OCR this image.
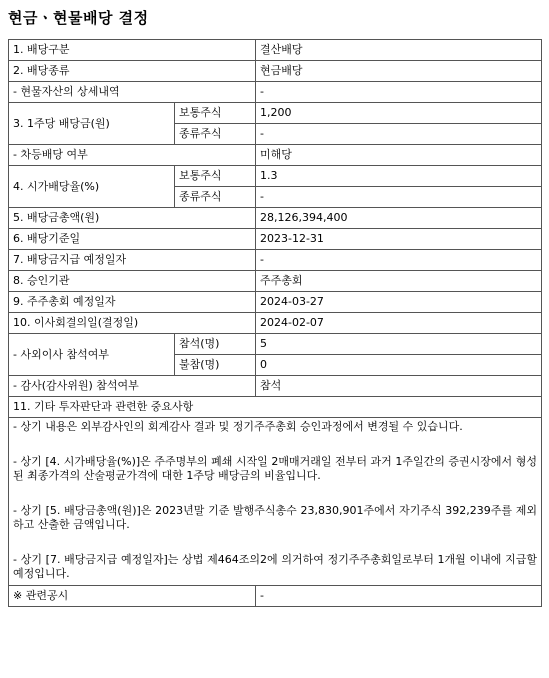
현금ㆍ현물배당 결정
1. 배당구분		결산배당
2. 배당종류		현금배당
- 현물자산의 상세내역		-
3. 1주당 배당금(원)	보통주식	1,200
	종류주식	-
- 차등배당 여부		미해당
4. 시가배당율(%)	보통주식	1.3
	종류주식	-
5. 배당금총액(원)		28,126,394,400
6. 배당기준일		2023-12-31
7. 배당금지급 예정일자		-
8. 승인기관		주주총회
9. 주주총회 예정일자		2024-03-27
10. 이사회결의일(결정일)		2024-02-07
- 사외이사 참석여부	참석(명)	5
	불참(명)	0
- 감사(감사위원) 참석여부		참석
11. 기타 투자판단과 관련한 중요사항		

- 상기 내용은 외부감사인의 회계감사 결과 및 정기주주총회 승인과정에서 변경될 수 있습니다.

- 상기 [4. 시가배당율(%)]은 주주명부의 폐쇄 시작일 2매매거래일 전부터 과거 1주일간의 증권시장에서 형성된 최종가격의 산술평균가격에 대한 1주당 배당금의 비율입니다.

- 상기 [5. 배당금총액(원)]은 2023년말 기준 발행주식총수 23,830,901주에서 자기주식 392,239주를 제외하고 산출한 금액입니다.

- 상기 [7. 배당금지급 예정일자]는 상법 제464조의2에 의거하여 정기주주총회일로부터 1개월 이내에 지급할 예정입니다.		

※ 관련공시		-
